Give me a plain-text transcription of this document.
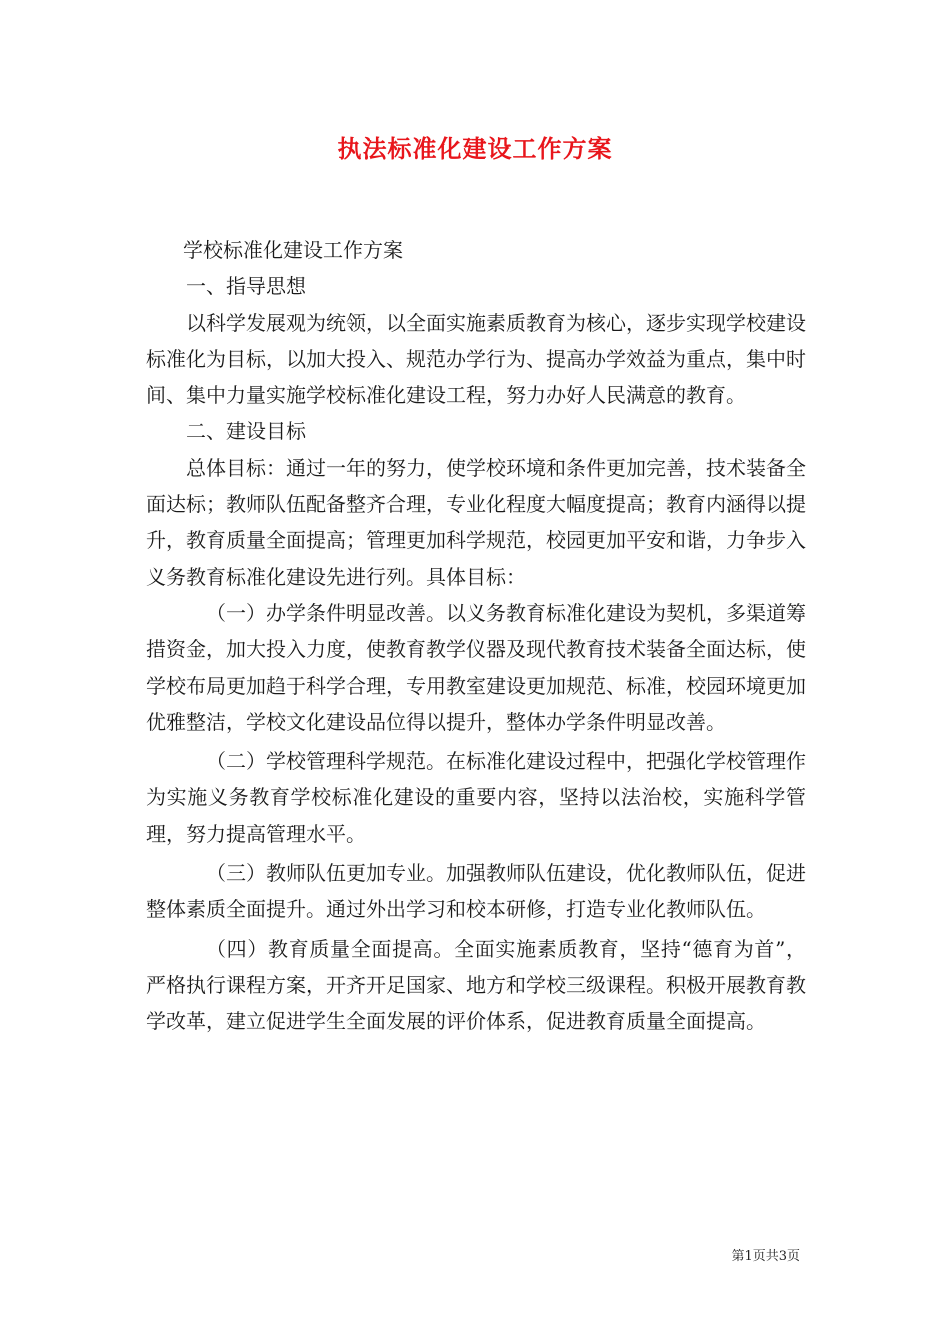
执法标准化建设工作方案

学校标准化建设工作方案

一、指导思想

以科学发展观为统领，以全面实施素质教育为核心，逐步实现学校建设标准化为目标，以加大投入、规范办学行为、提高办学效益为重点，集中时间、集中力量实施学校标准化建设工程，努力办好人民满意的教育。

二、建设目标

总体目标：通过一年的努力，使学校环境和条件更加完善，技术装备全面达标；教师队伍配备整齐合理，专业化程度大幅度提高；教育内涵得以提升，教育质量全面提高；管理更加科学规范，校园更加平安和谐，力争步入义务教育标准化建设先进行列。具体目标：

（一）办学条件明显改善。以义务教育标准化建设为契机，多渠道筹措资金，加大投入力度，使教育教学仪器及现代教育技术装备全面达标，使学校布局更加趋于科学合理，专用教室建设更加规范、标准，校园环境更加优雅整洁，学校文化建设品位得以提升，整体办学条件明显改善。

（二）学校管理科学规范。在标准化建设过程中，把强化学校管理作为实施义务教育学校标准化建设的重要内容，坚持以法治校，实施科学管理，努力提高管理水平。

（三）教师队伍更加专业。加强教师队伍建设，优化教师队伍，促进整体素质全面提升。通过外出学习和校本研修，打造专业化教师队伍。

（四）教育质量全面提高。全面实施素质教育，坚持“德育为首”，严格执行课程方案，开齐开足国家、地方和学校三级课程。积极开展教育教学改革，建立促进学生全面发展的评价体系，促进教育质量全面提高。

第1页共3页
